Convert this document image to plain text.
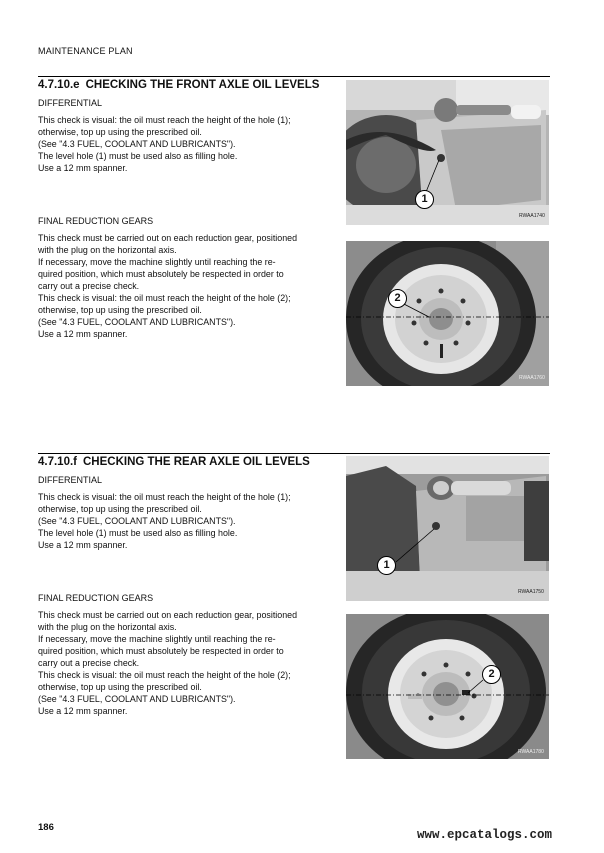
MAINTENANCE PLAN
4.7.10.e CHECKING THE FRONT AXLE OIL LEVELS
DIFFERENTIAL
This check is visual: the oil must reach the height of the hole (1);
otherwise, top up using the prescribed oil.
(See "4.3 FUEL, COOLANT AND LUBRICANTS").
The level hole (1) must be used also as filling hole.
Use a 12 mm spanner.
FINAL REDUCTION GEARS
This check must be carried out on each reduction gear, positioned
with the plug on the horizontal axis.
If necessary, move the machine slightly until reaching the re-
quired position, which must absolutely be respected in order to
carry out a precise check.
This check is visual: the oil must reach the height of the hole (2);
otherwise, top up using the prescribed oil.
(See "4.3 FUEL, COOLANT AND LUBRICANTS").
Use a 12 mm spanner.
1
RWAA1740
2
RWAA1760
4.7.10.f CHECKING THE REAR AXLE OIL LEVELS
DIFFERENTIAL
This check is visual: the oil must reach the height of the hole (1);
otherwise, top up using the prescribed oil.
(See "4.3 FUEL, COOLANT AND LUBRICANTS").
The level hole (1) must be used also as filling hole.
Use a 12 mm spanner.
FINAL REDUCTION GEARS
This check must be carried out on each reduction gear, positioned
with the plug on the horizontal axis.
If necessary, move the machine slightly until reaching the re-
quired position, which must absolutely be respected in order to
carry out a precise check.
This check is visual: the oil must reach the height of the hole (2);
otherwise, top up using the prescribed oil.
(See "4.3 FUEL, COOLANT AND LUBRICANTS").
Use a 12 mm spanner.
1
RWAA1750
2
RWAA1780
186
www.epcatalogs.com
